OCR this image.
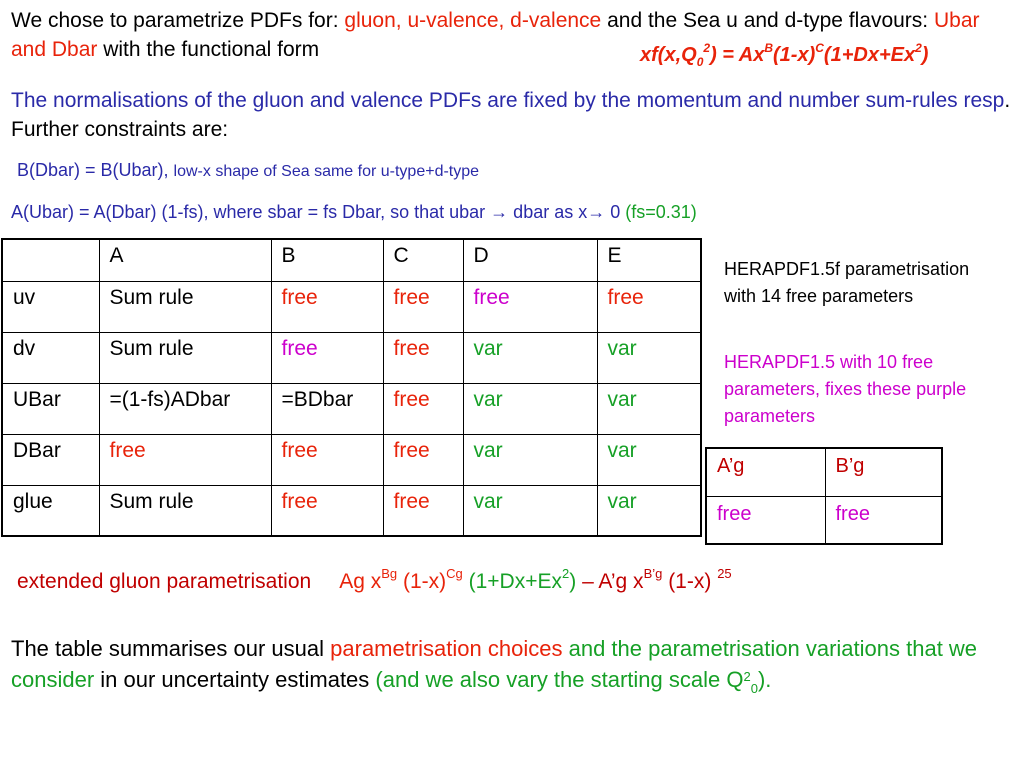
We chose to parametrize PDFs for: gluon, u-valence, d-valence and the Sea u and d-type flavours: Ubar and Dbar with the functional form	$xf(x,Q_0^2) = Ax^B(1-x)^C(1+Dx+Ex^2)$

The normalisations of the gluon and valence PDFs are fixed by the momentum and number sum-rules resp. Further constraints are:

B(Dbar) = B(Ubar), low-x shape of Sea same for u-type+d-type

A(Ubar) = A(Dbar) (1-fs), where sbar = fs Dbar, so that ubar → dbar as x→ 0 (fs=0.31)

	A	B	C	D	E
uv	Sum rule	free	free	free	free
dv	Sum rule	free	free	var	var
UBar	=(1-fs)ADbar	=BDbar	free	var	var
DBar	free	free	free	var	var
glue	Sum rule	free	free	var	var

HERAPDF1.5f parametrisation with 14 free parameters

HERAPDF1.5 with 10 free parameters, fixes these purple parameters

A’g	B’g
free	free

extended gluon parametrisation Ag $x^{Bg}$ $(1-x)^{Cg}$ $(1+Dx+Ex^2)$ – A’g $x^{B’g}$ (1-x) $^{25}$

The table summarises our usual parametrisation choices and the parametrisation variations that we consider in our uncertainty estimates (and we also vary the starting scale $Q^2_0$).
